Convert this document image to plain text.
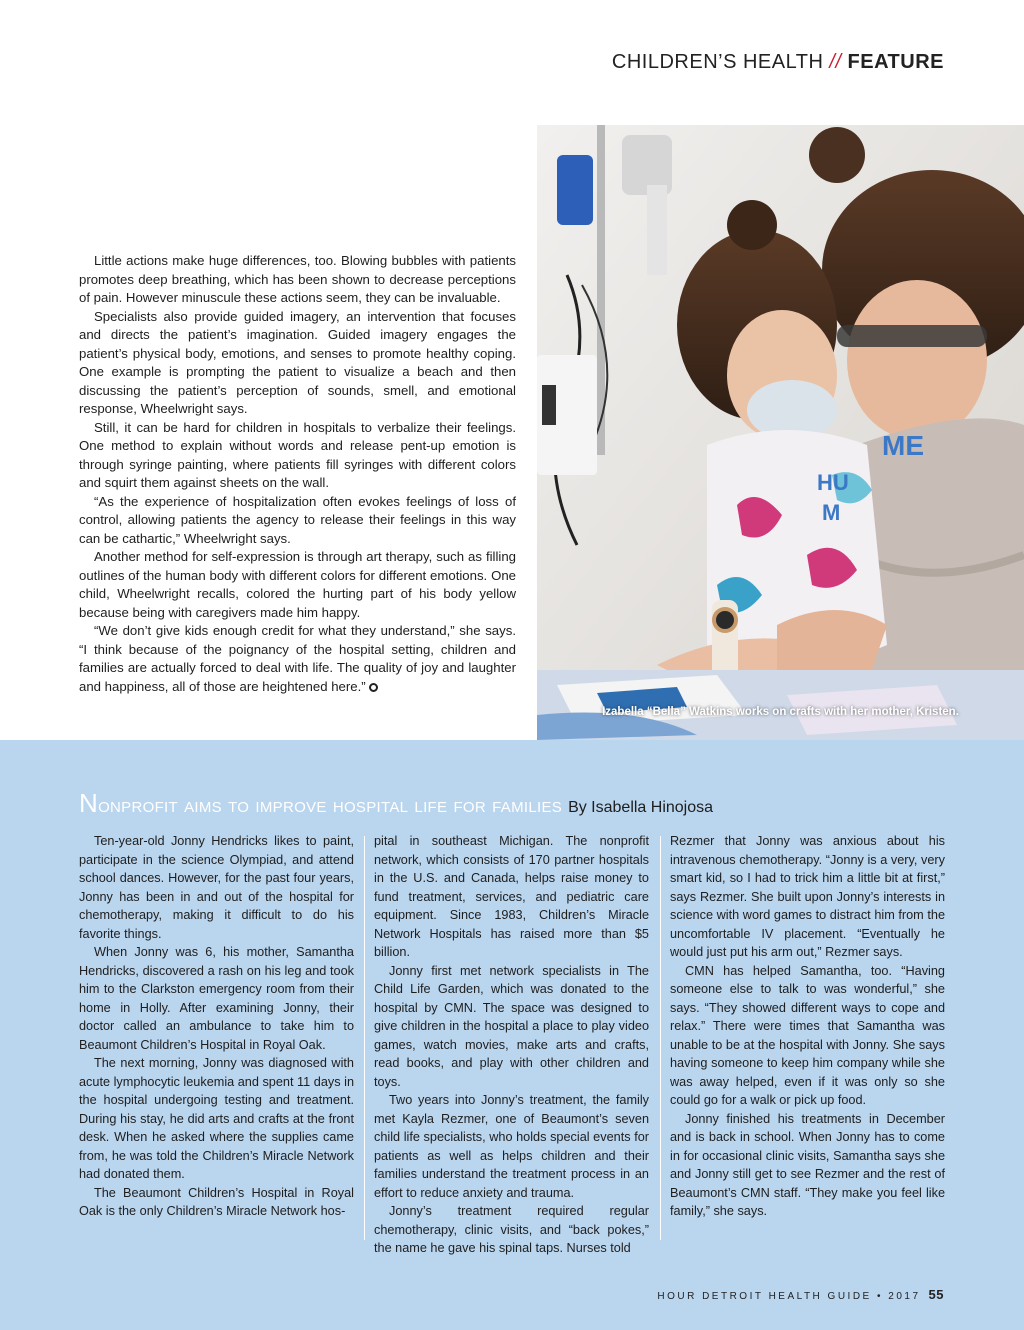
CHILDREN’S HEALTH // FEATURE
ME
HU
M
Izabella “Bella” Watkins works on crafts with her mother, Kristen.

Little actions make huge differences, too. Blowing bubbles with patients promotes deep breathing, which has been shown to decrease perceptions of pain. However minuscule these actions seem, they can be invaluable.

Specialists also provide guided imagery, an intervention that focuses and directs the patient’s imagination. Guided imagery engages the patient’s physical body, emotions, and senses to promote healthy coping. One example is prompting the patient to visualize a beach and then discussing the patient’s perception of sounds, smell, and emotional response, Wheelwright says.

Still, it can be hard for children in hospitals to verbalize their feelings. One method to explain without words and release pent-up emotion is through syringe painting, where patients fill syringes with different colors and squirt them against sheets on the wall.

“As the experience of hospitalization often evokes feelings of loss of control, allowing patients the agency to release their feelings in this way can be cathartic,” Wheelwright says.

Another method for self-expression is through art therapy, such as filling outlines of the human body with different colors for different emotions. One child, Wheelwright recalls, colored the hurting part of his body yellow because being with caregivers made him happy.

“We don’t give kids enough credit for what they understand,” she says. “I think because of the poignancy of the hospital setting, children and families are actually forced to deal with life. The quality of joy and laughter and happiness, all of those are heightened here.”

Nonprofit aims to improve hospital life for families By Isabella Hinojosa

Ten-year-old Jonny Hendricks likes to paint, participate in the science Olympiad, and attend school dances. However, for the past four years, Jonny has been in and out of the hospital for chemotherapy, making it difficult to do his favorite things.

When Jonny was 6, his mother, Samantha Hendricks, discovered a rash on his leg and took him to the Clarkston emergency room from their home in Holly. After examining Jonny, their doctor called an ambulance to take him to Beaumont Children’s Hospital in Royal Oak.

The next morning, Jonny was diagnosed with acute lymphocytic leukemia and spent 11 days in the hospital undergoing testing and treatment. During his stay, he did arts and crafts at the front desk. When he asked where the supplies came from, he was told the Children’s Miracle Network had donated them.

The Beaumont Children’s Hospital in Royal Oak is the only Children’s Miracle Network hos-

pital in southeast Michigan. The nonprofit network, which consists of 170 partner hospitals in the U.S. and Canada, helps raise money to fund treatment, services, and pediatric care equipment. Since 1983, Children’s Miracle Network Hospitals has raised more than $5 billion.

Jonny first met network specialists in The Child Life Garden, which was donated to the hospital by CMN. The space was designed to give children in the hospital a place to play video games, watch movies, make arts and crafts, read books, and play with other children and toys.

Two years into Jonny’s treatment, the family met Kayla Rezmer, one of Beaumont’s seven child life specialists, who holds special events for patients as well as helps children and their families understand the treatment process in an effort to reduce anxiety and trauma.

Jonny’s treatment required regular chemotherapy, clinic visits, and “back pokes,” the name he gave his spinal taps. Nurses told

Rezmer that Jonny was anxious about his intravenous chemotherapy. “Jonny is a very, very smart kid, so I had to trick him a little bit at first,” says Rezmer. She built upon Jonny’s interests in science with word games to distract him from the uncomfortable IV placement. “Eventually he would just put his arm out,” Rezmer says.

CMN has helped Samantha, too. “Having someone else to talk to was wonderful,” she says. “They showed different ways to cope and relax.” There were times that Samantha was unable to be at the hospital with Jonny. She says having someone to keep him company while she was away helped, even if it was only so she could go for a walk or pick up food.

Jonny finished his treatments in December and is back in school. When Jonny has to come in for occasional clinic visits, Samantha says she and Jonny still get to see Rezmer and the rest of Beaumont’s CMN staff. “They make you feel like family,” she says.

HOUR DETROIT HEALTH GUIDE • 2017 55
